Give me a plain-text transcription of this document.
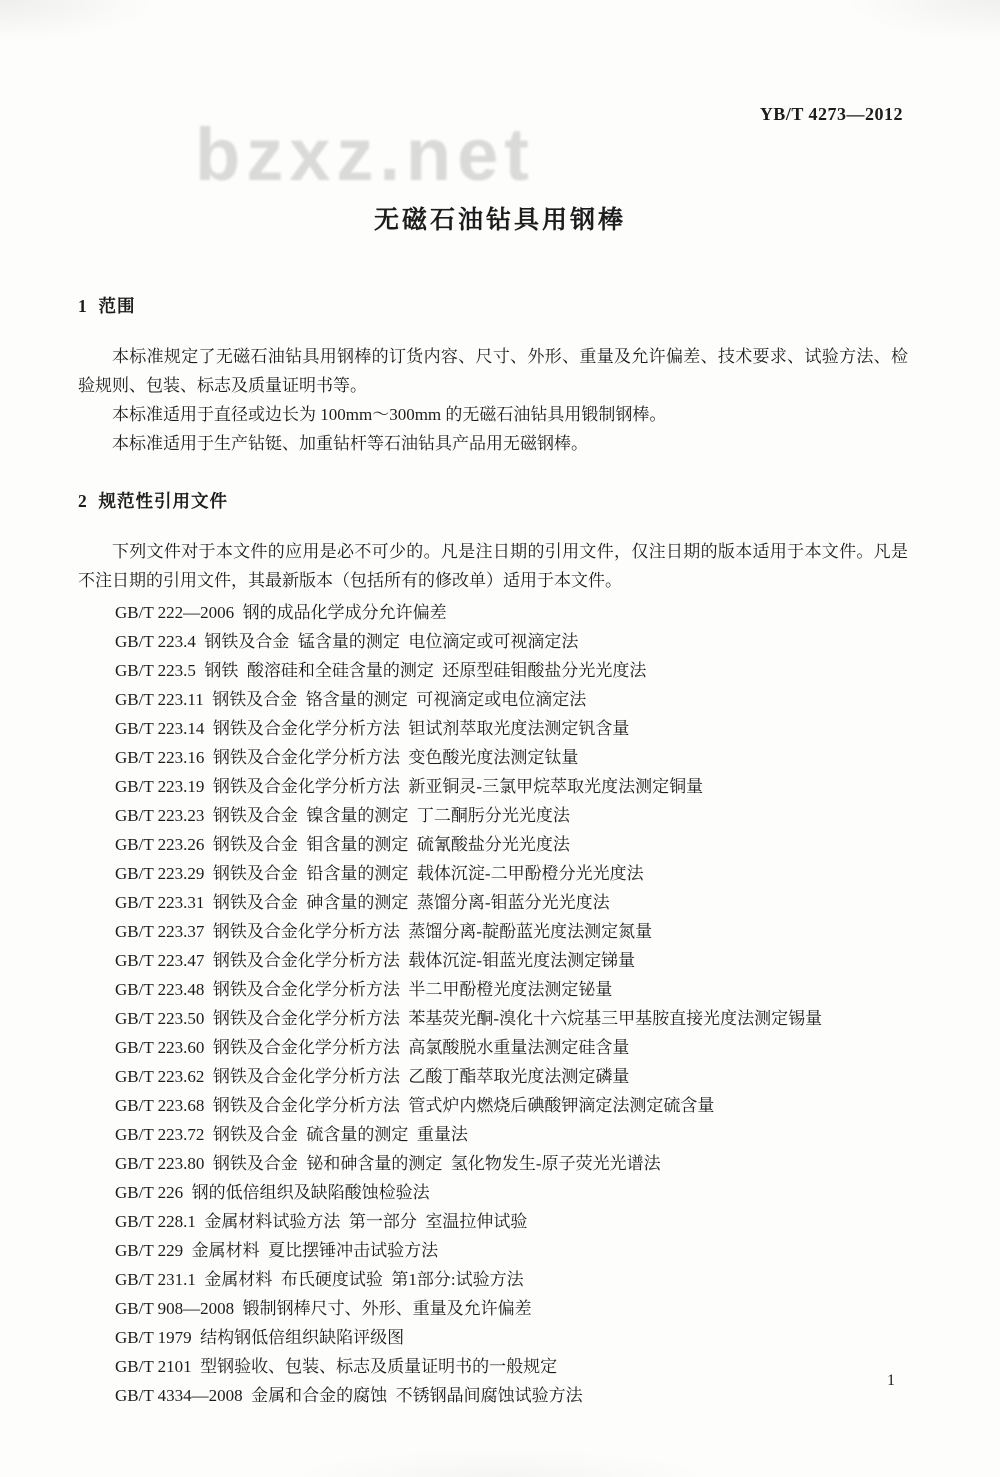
YB/T 4273—2012
bzxz.net
无磁石油钻具用钢棒
1  范围
本标准规定了无磁石油钻具用钢棒的订货内容、尺寸、外形、重量及允许偏差、技术要求、试验方法、检验规则、包装、标志及质量证明书等。
本标准适用于直径或边长为 100mm～300mm 的无磁石油钻具用锻制钢棒。
本标准适用于生产钻铤、加重钻杆等石油钻具产品用无磁钢棒。
2  规范性引用文件

下列文件对于本文件的应用是必不可少的。凡是注日期的引用文件，仅注日期的版本适用于本文件。凡是不注日期的引用文件，其最新版本（包括所有的修改单）适用于本文件。

GB/T 222—2006  钢的成品化学成分允许偏差
GB/T 223.4  钢铁及合金  锰含量的测定  电位滴定或可视滴定法
GB/T 223.5  钢铁  酸溶硅和全硅含量的测定  还原型硅钼酸盐分光光度法
GB/T 223.11  钢铁及合金  铬含量的测定  可视滴定或电位滴定法
GB/T 223.14  钢铁及合金化学分析方法  钽试剂萃取光度法测定钒含量
GB/T 223.16  钢铁及合金化学分析方法  变色酸光度法测定钛量
GB/T 223.19  钢铁及合金化学分析方法  新亚铜灵-三氯甲烷萃取光度法测定铜量
GB/T 223.23  钢铁及合金  镍含量的测定  丁二酮肟分光光度法
GB/T 223.26  钢铁及合金  钼含量的测定  硫氰酸盐分光光度法
GB/T 223.29  钢铁及合金  铅含量的测定  载体沉淀-二甲酚橙分光光度法
GB/T 223.31  钢铁及合金  砷含量的测定  蒸馏分离-钼蓝分光光度法
GB/T 223.37  钢铁及合金化学分析方法  蒸馏分离-靛酚蓝光度法测定氮量
GB/T 223.47  钢铁及合金化学分析方法  载体沉淀-钼蓝光度法测定锑量
GB/T 223.48  钢铁及合金化学分析方法  半二甲酚橙光度法测定铋量
GB/T 223.50  钢铁及合金化学分析方法  苯基荧光酮-溴化十六烷基三甲基胺直接光度法测定锡量
GB/T 223.60  钢铁及合金化学分析方法  高氯酸脱水重量法测定硅含量
GB/T 223.62  钢铁及合金化学分析方法  乙酸丁酯萃取光度法测定磷量
GB/T 223.68  钢铁及合金化学分析方法  管式炉内燃烧后碘酸钾滴定法测定硫含量
GB/T 223.72  钢铁及合金  硫含量的测定  重量法
GB/T 223.80  钢铁及合金  铋和砷含量的测定  氢化物发生-原子荧光光谱法
GB/T 226  钢的低倍组织及缺陷酸蚀检验法
GB/T 228.1  金属材料试验方法  第一部分  室温拉伸试验
GB/T 229  金属材料  夏比摆锤冲击试验方法
GB/T 231.1  金属材料  布氏硬度试验  第1部分:试验方法
GB/T 908—2008  锻制钢棒尺寸、外形、重量及允许偏差
GB/T 1979  结构钢低倍组织缺陷评级图
GB/T 2101  型钢验收、包装、标志及质量证明书的一般规定
GB/T 4334—2008  金属和合金的腐蚀  不锈钢晶间腐蚀试验方法
1
